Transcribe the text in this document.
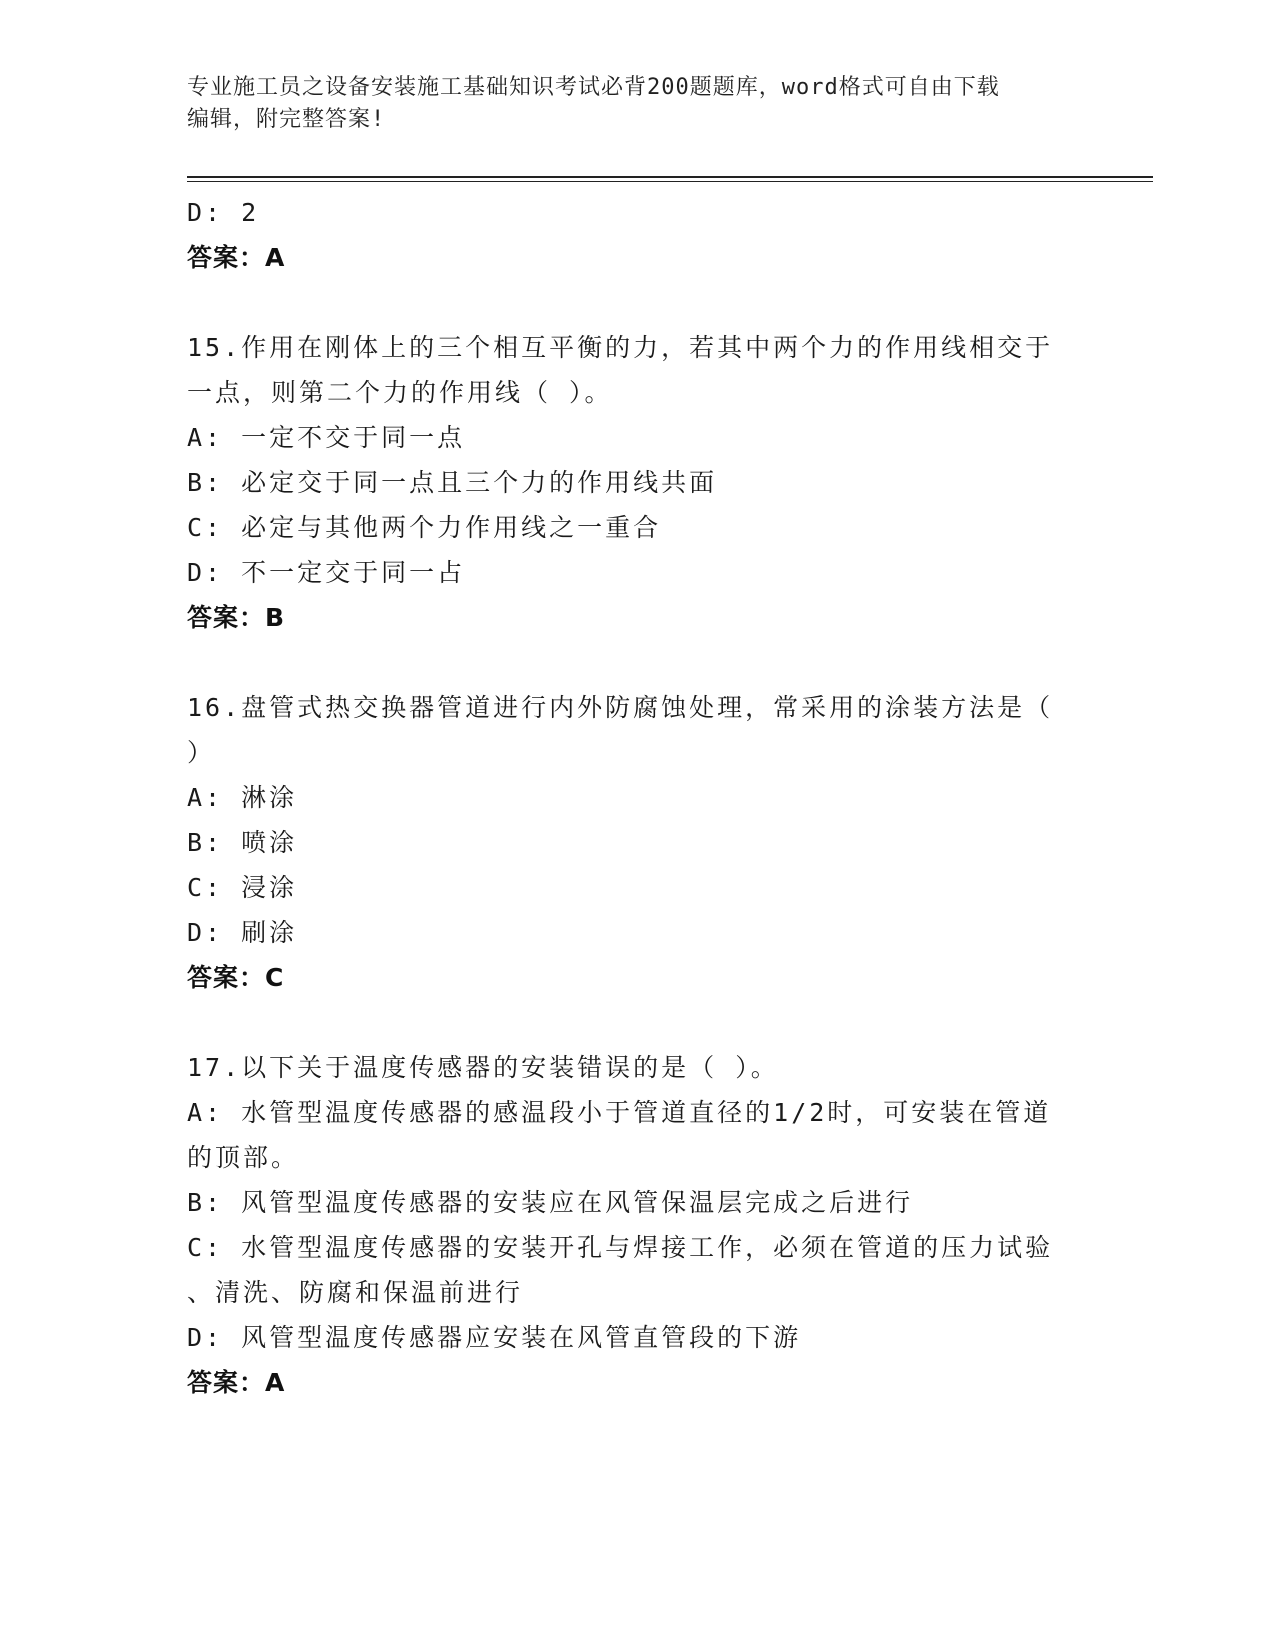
专业施工员之设备安装施工基础知识考试必背200题题库，word格式可自由下载
编辑，附完整答案!
D: 2
答案：A
15.作用在刚体上的三个相互平衡的力，若其中两个力的作用线相交于
一点，则第二个力的作用线（ ）。
A: 一定不交于同一点
B: 必定交于同一点且三个力的作用线共面
C: 必定与其他两个力作用线之一重合
D: 不一定交于同一占
答案：B
16.盘管式热交换器管道进行内外防腐蚀处理，常采用的涂装方法是（
）
A: 淋涂
B: 喷涂
C: 浸涂
D: 刷涂
答案：C
17.以下关于温度传感器的安装错误的是（ ）。
A: 水管型温度传感器的感温段小于管道直径的1/2时，可安装在管道
的顶部。
B: 风管型温度传感器的安装应在风管保温层完成之后进行
C: 水管型温度传感器的安装开孔与焊接工作，必须在管道的压力试验
、清洗、防腐和保温前进行
D: 风管型温度传感器应安装在风管直管段的下游
答案：A
